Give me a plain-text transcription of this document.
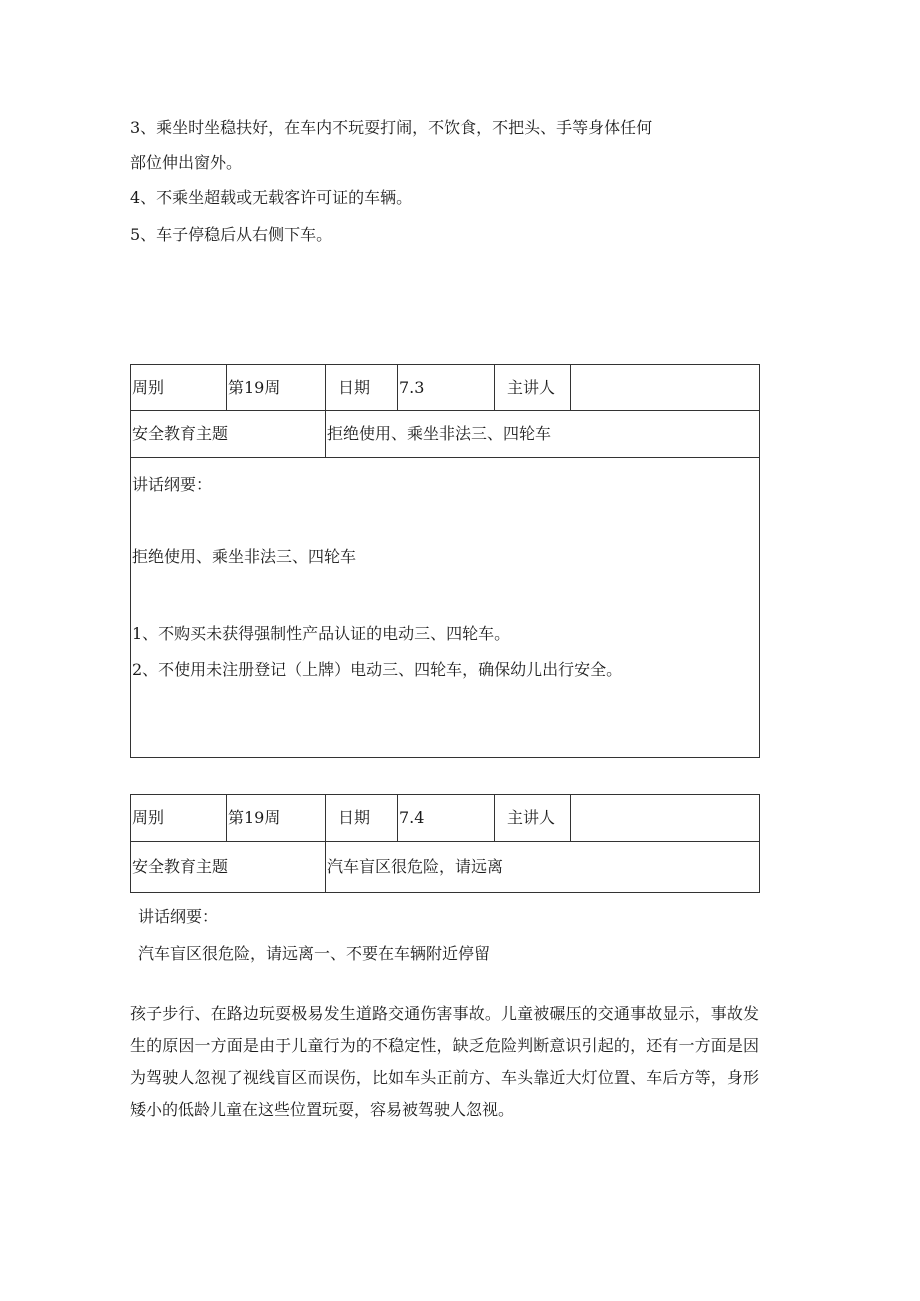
3、乘坐时坐稳扶好，在车内不玩耍打闹，不饮食，不把头、手等身体任何
部位伸出窗外。
4、不乘坐超载或无载客许可证的车辆。
5、车子停稳后从右侧下车。
周别	第19周	日期	7.3	主讲人	
安全教育主题		拒绝使用、乘坐非法三、四轮车			

讲话纲要：
拒绝使用、乘坐非法三、四轮车
1、不购买未获得强制性产品认证的电动三、四轮车。
2、不使用未注册登记（上牌）电动三、四轮车，确保幼儿出行安全。					
周别	第19周	日期	7.4	主讲人	
安全教育主题		汽车盲区很危险，请远离			
讲话纲要：
汽车盲区很危险，请远离一、不要在车辆附近停留
孩子步行、在路边玩耍极易发生道路交通伤害事故。儿童被碾压的交通事故显示，事故发生的原因一方面是由于儿童行为的不稳定性，缺乏危险判断意识引起的，还有一方面是因为驾驶人忽视了视线盲区而误伤，比如车头正前方、车头靠近大灯位置、车后方等，身形矮小的低龄儿童在这些位置玩耍，容易被驾驶人忽视。
